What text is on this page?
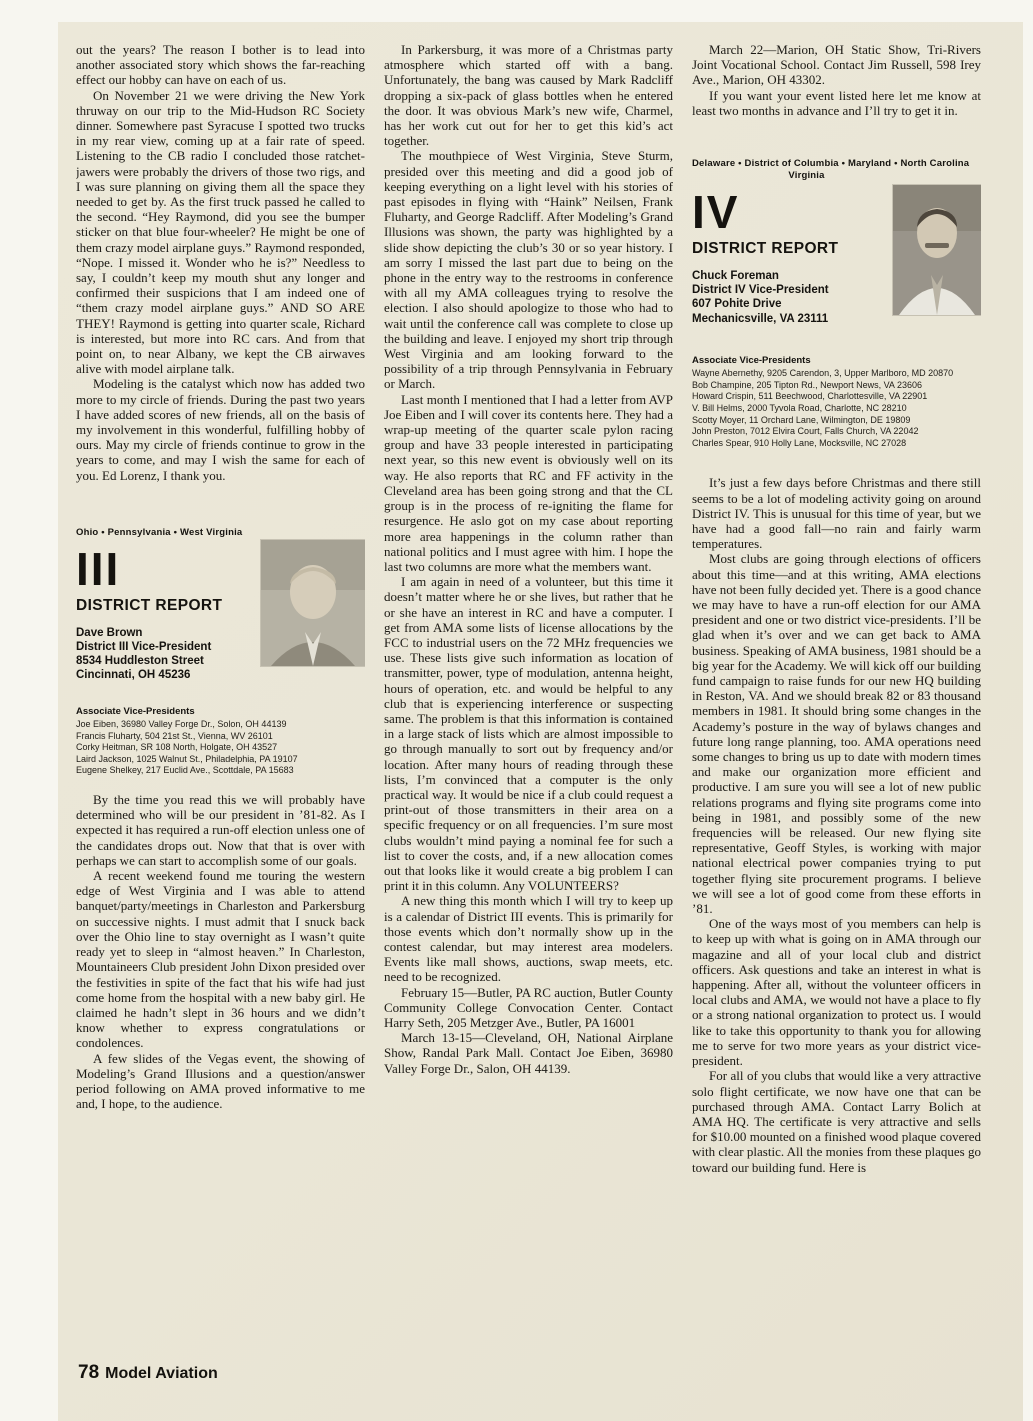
out the years? The reason I bother is to lead into another associated story which shows the far-reaching effect our hobby can have on each of us.

On November 21 we were driving the New York thruway on our trip to the Mid-Hudson RC Society dinner. Somewhere past Syracuse I spotted two trucks in my rear view, coming up at a fair rate of speed. Listening to the CB radio I concluded those ratchet-jawers were probably the drivers of those two rigs, and I was sure planning on giving them all the space they needed to get by. As the first truck passed he called to the second. “Hey Raymond, did you see the bumper sticker on that blue four-wheeler? He might be one of them crazy model airplane guys.” Raymond responded, “Nope. I missed it. Wonder who he is?” Needless to say, I couldn’t keep my mouth shut any longer and confirmed their suspicions that I am indeed one of “them crazy model airplane guys.” AND SO ARE THEY! Raymond is getting into quarter scale, Richard is interested, but more into RC cars. And from that point on, to near Albany, we kept the CB airwaves alive with model airplane talk.

Modeling is the catalyst which now has added two more to my circle of friends. During the past two years I have added scores of new friends, all on the basis of my involvement in this wonderful, fulfilling hobby of ours. May my circle of friends continue to grow in the years to come, and may I wish the same for each of you. Ed Lorenz, I thank you.

Ohio • Pennsylvania • West Virginia
III
DISTRICT REPORT
Dave Brown
District III Vice-President
8534 Huddleston Street
Cincinnati, OH 45236
Associate Vice-Presidents
Joe Eiben, 36980 Valley Forge Dr., Solon, OH 44139
Francis Fluharty, 504 21st St., Vienna, WV 26101
Corky Heitman, SR 108 North, Holgate, OH 43527
Laird Jackson, 1025 Walnut St., Philadelphia, PA 19107
Eugene Shelkey, 217 Euclid Ave., Scottdale, PA 15683

By the time you read this we will probably have determined who will be our president in ’81-82. As I expected it has required a run-off election unless one of the candidates drops out. Now that that is over with perhaps we can start to accomplish some of our goals.

A recent weekend found me touring the western edge of West Virginia and I was able to attend banquet/party/meetings in Charleston and Parkersburg on successive nights. I must admit that I snuck back over the Ohio line to stay overnight as I wasn’t quite ready yet to sleep in “almost heaven.” In Charleston, Mountaineers Club president John Dixon presided over the festivities in spite of the fact that his wife had just come home from the hospital with a new baby girl. He claimed he hadn’t slept in 36 hours and we didn’t know whether to express congratulations or condolences.

A few slides of the Vegas event, the showing of Modeling’s Grand Illusions and a question/answer period following on AMA proved informative to me and, I hope, to the audience.

In Parkersburg, it was more of a Christmas party atmosphere which started off with a bang. Unfortunately, the bang was caused by Mark Radcliff dropping a six-pack of glass bottles when he entered the door. It was obvious Mark’s new wife, Charmel, has her work cut out for her to get this kid’s act together.

The mouthpiece of West Virginia, Steve Sturm, presided over this meeting and did a good job of keeping everything on a light level with his stories of past episodes in flying with “Haink” Neilsen, Frank Fluharty, and George Radcliff. After Modeling’s Grand Illusions was shown, the party was highlighted by a slide show depicting the club’s 30 or so year history. I am sorry I missed the last part due to being on the phone in the entry way to the restrooms in conference with all my AMA colleagues trying to resolve the election. I also should apologize to those who had to wait until the conference call was complete to close up the building and leave. I enjoyed my short trip through West Virginia and am looking forward to the possibility of a trip through Pennsylvania in February or March.

Last month I mentioned that I had a letter from AVP Joe Eiben and I will cover its contents here. They had a wrap-up meeting of the quarter scale pylon racing group and have 33 people interested in participating next year, so this new event is obviously well on its way. He also reports that RC and FF activity in the Cleveland area has been going strong and that the CL group is in the process of re-igniting the flame for resurgence. He aslo got on my case about reporting more area happenings in the column rather than national politics and I must agree with him. I hope the last two columns are more what the members want.

I am again in need of a volunteer, but this time it doesn’t matter where he or she lives, but rather that he or she have an interest in RC and have a computer. I get from AMA some lists of license allocations by the FCC to industrial users on the 72 MHz frequencies we use. These lists give such information as location of transmitter, power, type of modulation, antenna height, hours of operation, etc. and would be helpful to any club that is experiencing interference or suspecting same. The problem is that this information is contained in a large stack of lists which are almost impossible to go through manually to sort out by frequency and/or location. After many hours of reading through these lists, I’m convinced that a computer is the only practical way. It would be nice if a club could request a print-out of those transmitters in their area on a specific frequency or on all frequencies. I’m sure most clubs wouldn’t mind paying a nominal fee for such a list to cover the costs, and, if a new allocation comes out that looks like it would create a big problem I can print it in this column. Any VOLUNTEERS?

A new thing this month which I will try to keep up is a calendar of District III events. This is primarily for those events which don’t normally show up in the contest calendar, but may interest area modelers. Events like mall shows, auctions, swap meets, etc. need to be recognized.

February 15—Butler, PA RC auction, Butler County Community College Convocation Center. Contact Harry Seth, 205 Metzger Ave., Butler, PA 16001

March 13-15—Cleveland, OH, National Airplane Show, Randal Park Mall. Contact Joe Eiben, 36980 Valley Forge Dr., Salon, OH 44139.

March 22—Marion, OH Static Show, Tri-Rivers Joint Vocational School. Contact Jim Russell, 598 Irey Ave., Marion, OH 43302.

If you want your event listed here let me know at least two months in advance and I’ll try to get it in.

Delaware • District of Columbia • Maryland • North Carolina
Virginia
IV
DISTRICT REPORT
Chuck Foreman
District IV Vice-President
607 Pohite Drive
Mechanicsville, VA 23111
Associate Vice-Presidents
Wayne Abernethy, 9205 Carendon, 3, Upper Marlboro, MD 20870
Bob Champine, 205 Tipton Rd., Newport News, VA 23606
Howard Crispin, 511 Beechwood, Charlottesville, VA 22901
V. Bill Helms, 2000 Tyvola Road, Charlotte, NC 28210
Scotty Moyer, 11 Orchard Lane, Wilmington, DE 19809
John Preston, 7012 Elvira Court, Falls Church, VA 22042
Charles Spear, 910 Holly Lane, Mocksville, NC 27028

It’s just a few days before Christmas and there still seems to be a lot of modeling activity going on around District IV. This is unusual for this time of year, but we have had a good fall—no rain and fairly warm temperatures.

Most clubs are going through elections of officers about this time—and at this writing, AMA elections have not been fully decided yet. There is a good chance we may have to have a run-off election for our AMA president and one or two district vice-presidents. I’ll be glad when it’s over and we can get back to AMA business. Speaking of AMA business, 1981 should be a big year for the Academy. We will kick off our building fund campaign to raise funds for our new HQ building in Reston, VA. And we should break 82 or 83 thousand members in 1981. It should bring some changes in the Academy’s posture in the way of bylaws changes and future long range planning, too. AMA operations need some changes to bring us up to date with modern times and make our organization more efficient and productive. I am sure you will see a lot of new public relations programs and flying site programs come into being in 1981, and possibly some of the new frequencies will be released. Our new flying site representative, Geoff Styles, is working with major national electrical power companies trying to put together flying site procurement programs. I believe we will see a lot of good come from these efforts in ’81.

One of the ways most of you members can help is to keep up with what is going on in AMA through our magazine and all of your local club and district officers. Ask questions and take an interest in what is happening. After all, without the volunteer officers in local clubs and AMA, we would not have a place to fly or a strong national organization to protect us. I would like to take this opportunity to thank you for allowing me to serve for two more years as your district vice-president.

For all of you clubs that would like a very attractive solo flight certificate, we now have one that can be purchased through AMA. Contact Larry Bolich at AMA HQ. The certificate is very attractive and sells for $10.00 mounted on a finished wood plaque covered with clear plastic. All the monies from these plaques go toward our building fund. Here is

78 Model Aviation
